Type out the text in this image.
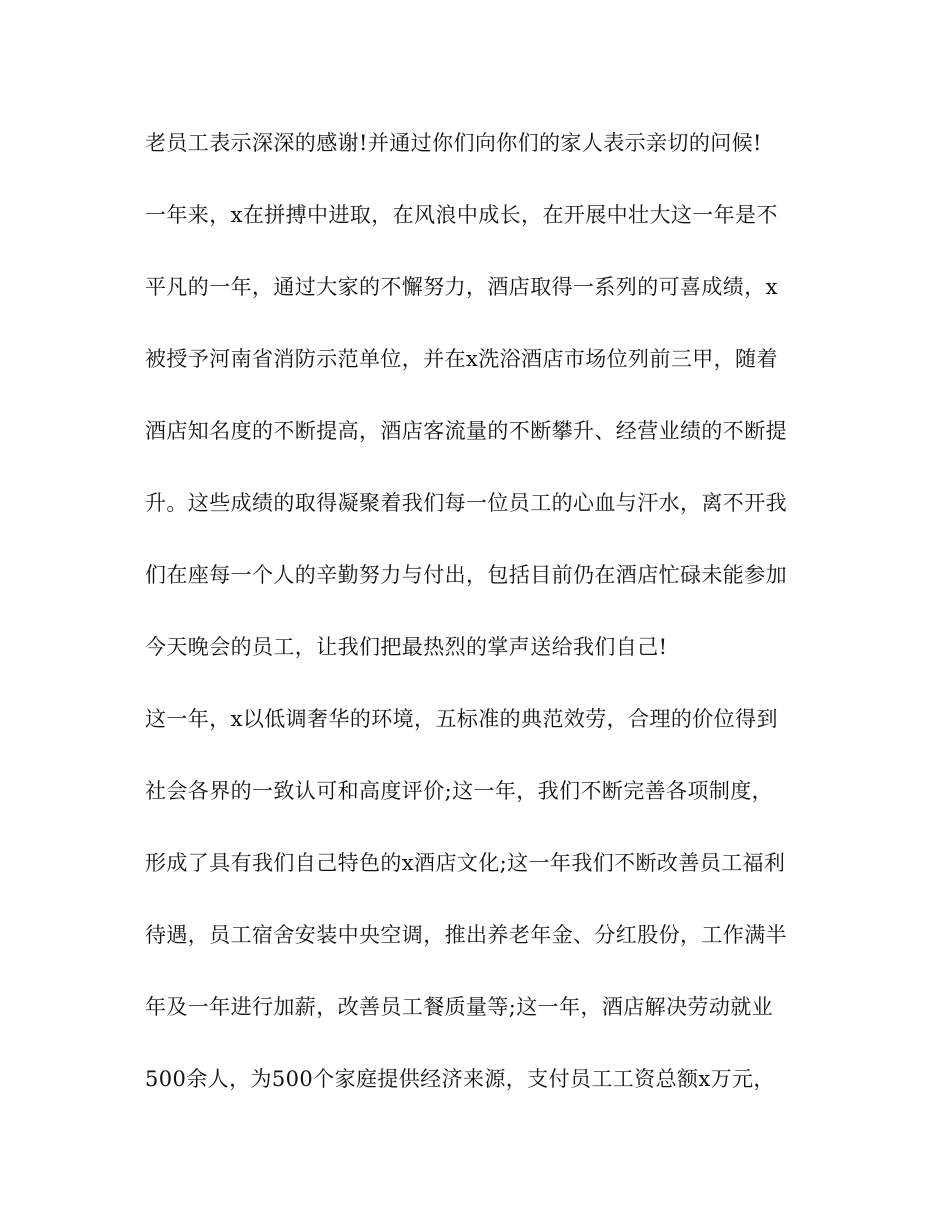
老员工表示深深的感谢!并通过你们向你们的家人表示亲切的问候!
一年来，x在拼搏中进取，在风浪中成长，在开展中壮大这一年是不
平凡的一年，通过大家的不懈努力，酒店取得一系列的可喜成绩，x
被授予河南省消防示范单位，并在x洗浴酒店市场位列前三甲，随着
酒店知名度的不断提高，酒店客流量的不断攀升、经营业绩的不断提
升。这些成绩的取得凝聚着我们每一位员工的心血与汗水，离不开我
们在座每一个人的辛勤努力与付出，包括目前仍在酒店忙碌未能参加
今天晚会的员工，让我们把最热烈的掌声送给我们自己!
这一年，x以低调奢华的环境，五标准的典范效劳，合理的价位得到
社会各界的一致认可和高度评价;这一年，我们不断完善各项制度，
形成了具有我们自己特色的x酒店文化;这一年我们不断改善员工福利
待遇，员工宿舍安装中央空调，推出养老年金、分红股份，工作满半
年及一年进行加薪，改善员工餐质量等;这一年，酒店解决劳动就业
500余人，为500个家庭提供经济来源，支付员工工资总额x万元，
